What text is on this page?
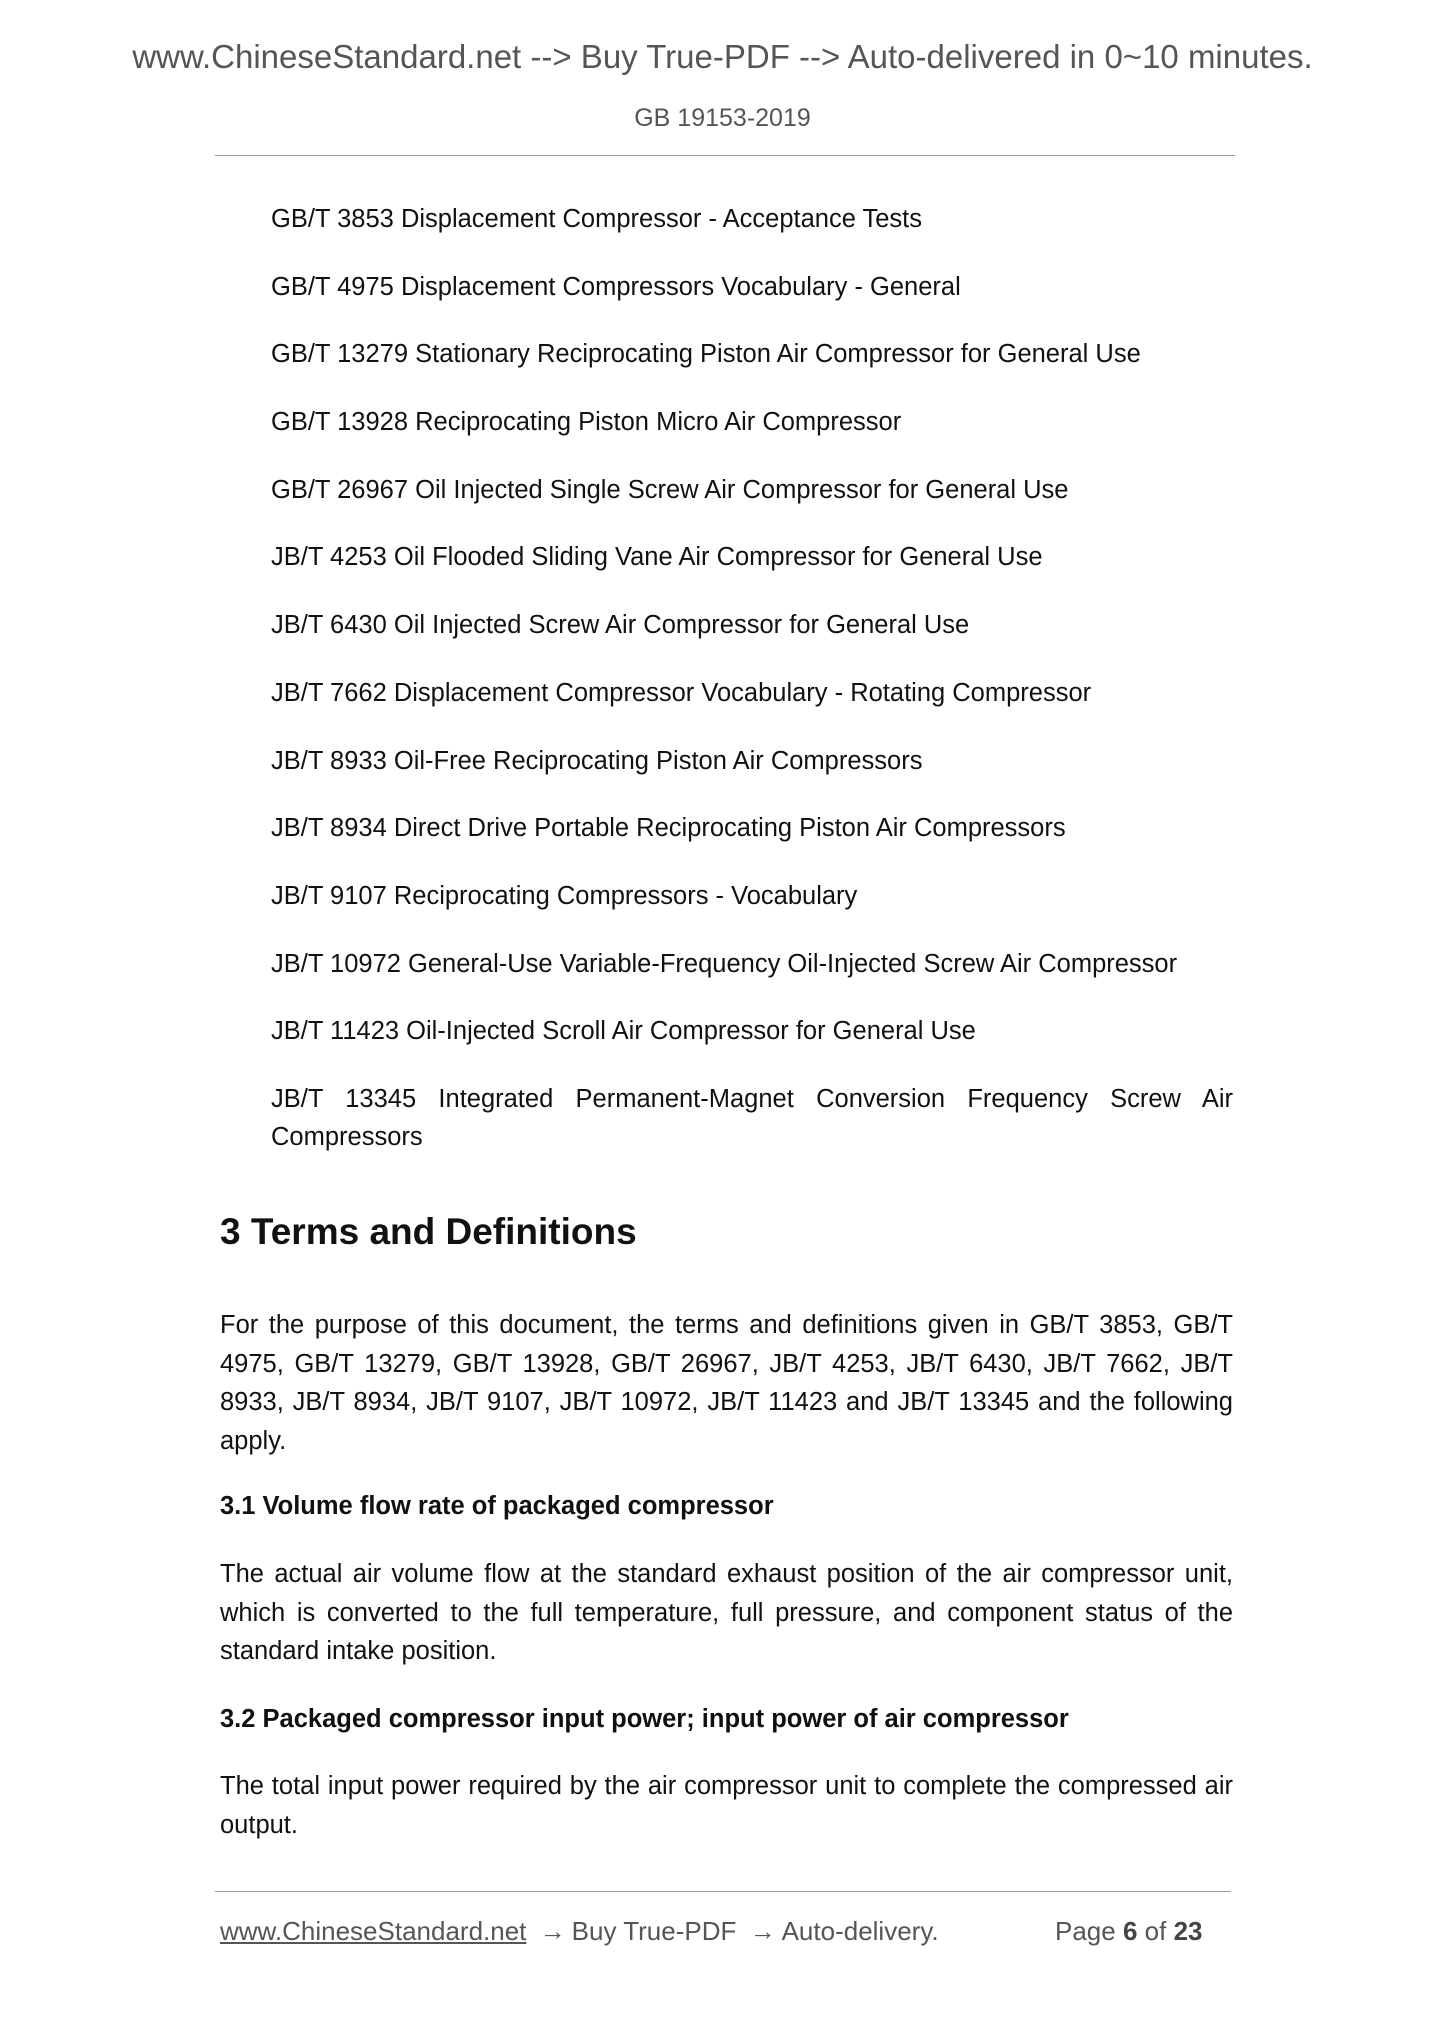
www.ChineseStandard.net --> Buy True-PDF --> Auto-delivered in 0~10 minutes.
GB 19153-2019
GB/T 3853 Displacement Compressor - Acceptance Tests
GB/T 4975 Displacement Compressors Vocabulary - General
GB/T 13279 Stationary Reciprocating Piston Air Compressor for General Use
GB/T 13928 Reciprocating Piston Micro Air Compressor
GB/T 26967 Oil Injected Single Screw Air Compressor for General Use
JB/T 4253 Oil Flooded Sliding Vane Air Compressor for General Use
JB/T 6430 Oil Injected Screw Air Compressor for General Use
JB/T 7662 Displacement Compressor Vocabulary - Rotating Compressor
JB/T 8933 Oil-Free Reciprocating Piston Air Compressors
JB/T 8934 Direct Drive Portable Reciprocating Piston Air Compressors
JB/T 9107 Reciprocating Compressors - Vocabulary
JB/T 10972 General-Use Variable-Frequency Oil-Injected Screw Air Compressor
JB/T 11423 Oil-Injected Scroll Air Compressor for General Use
JB/T 13345 Integrated Permanent-Magnet Conversion Frequency Screw Air Compressors
3 Terms and Definitions

For the purpose of this document, the terms and definitions given in GB/T 3853, GB/T 4975, GB/T 13279, GB/T 13928, GB/T 26967, JB/T 4253, JB/T 6430, JB/T 7662, JB/T 8933, JB/T 8934, JB/T 9107, JB/T 10972, JB/T 11423 and JB/T 13345 and the following apply.

3.1 Volume flow rate of packaged compressor

The actual air volume flow at the standard exhaust position of the air compressor unit, which is converted to the full temperature, full pressure, and component status of the standard intake position.

3.2 Packaged compressor input power; input power of air compressor

The total input power required by the air compressor unit to complete the compressed air output.

www.ChineseStandard.net → Buy True-PDF → Auto-delivery.	Page 6 of 23
